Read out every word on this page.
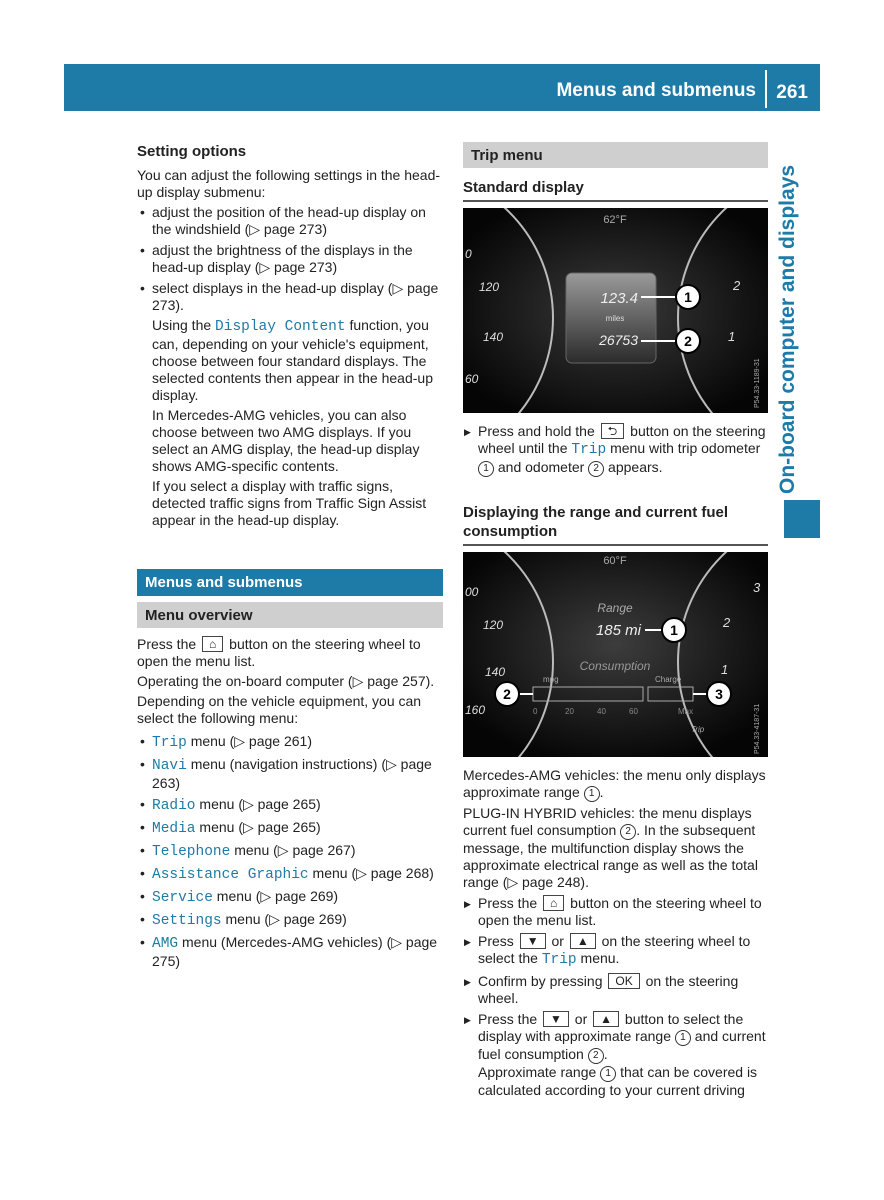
Menus and submenus 261
On-board computer and displays
Setting options

You can adjust the following settings in the head-up display submenu:

• adjust the position of the head-up display on the windshield (▷ page 273)
• adjust the brightness of the displays in the head-up display (▷ page 273)
• select displays in the head-up display (▷ page 273).

Using the Display Content function, you can, depending on your vehicle's equipment, choose between four standard displays. The selected contents then appear in the head-up display.

In Mercedes-AMG vehicles, you can also choose between two AMG displays. If you select an AMG display, the head-up display shows AMG-specific contents.

If you select a display with traffic signs, detected traffic signs from Traffic Sign Assist appear in the head-up display.

Menus and submenus
Menu overview

Press the ⌂ button on the steering wheel to open the menu list.

Operating the on-board computer (▷ page 257).

Depending on the vehicle equipment, you can select the following menu:

• Trip menu (▷ page 261)
• Navi menu (navigation instructions) (▷ page 263)
• Radio menu (▷ page 265)
• Media menu (▷ page 265)
• Telephone menu (▷ page 267)
• Assistance Graphic menu (▷ page 268)
• Service menu (▷ page 269)
• Settings menu (▷ page 269)
• AMG menu (Mercedes-AMG vehicles) (▷ page 275)
Trip menu
Standard display
62°F
123.4
miles
26753
1
2
0
120
140
60
2
1
P54.33-1189-31
▶ Press and hold the ⮌ button on the steering wheel until the Trip menu with trip odometer 1 and odometer 2 appears.
Displaying the range and current fuel consumption
60°F
Range
185 mi 1
Consumption
mpg	Charge
0	20	40	60	Max
Trip
2	3
00
120
140
160
3
2
1
P54.33-4187-31

Mercedes-AMG vehicles: the menu only displays approximate range 1 .

PLUG-IN HYBRID vehicles: the menu displays current fuel consumption 2 . In the subsequent message, the multifunction display shows the approximate electrical range as well as the total range (▷ page 248).

▶ Press the ⌂ button on the steering wheel to open the menu list.
▶ Press ▼ or ▲ on the steering wheel to select the Trip menu.
▶ Confirm by pressing OK on the steering wheel.
▶ Press the ▼ or ▲ button to select the display with approximate range 1 and current fuel consumption 2 .
Approximate range 1 that can be covered is calculated according to your current driving
